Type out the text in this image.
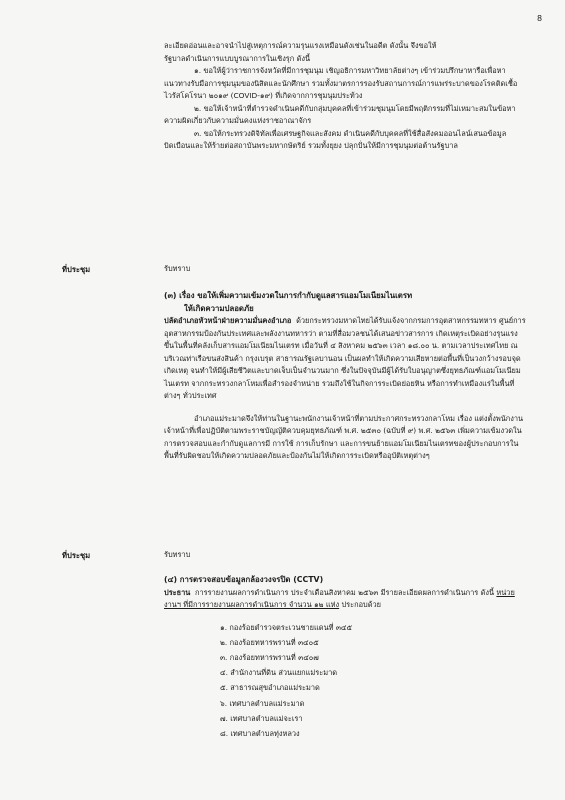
8

ละเอียดอ่อนและอาจนำไปสู่เหตุการณ์ความรุนแรงเหมือนดังเช่นในอดีต ดังนั้น จึงขอให้

รัฐบาลดำเนินการแบบบูรณาการในเชิงรุก ดังนี้

๑. ขอให้ผู้ว่าราชการจังหวัดที่มีการชุมนุม เชิญอธิการมหาวิทยาลัยต่างๆ เข้าร่วมปรึกษาหารือเพื่อหาแนวทางรับมือการชุมนุมของนิสิตและนักศึกษา รวมทั้งมาตรการรองรับสถานการณ์การแพร่ระบาดของโรคติดเชื้อไวรัสโคโรนา ๒๐๑๙ (COVID-๑๙) ที่เกิดจากการชุมนุมประท้วง

๒. ขอให้เจ้าหน้าที่ตำรวจดำเนินคดีกับกลุ่มบุคคลที่เข้าร่วมชุมนุมโดยมีพฤติกรรมที่ไม่เหมาะสมในข้อหาความผิดเกี่ยวกับความมั่นคงแห่งราชอาณาจักร

๓. ขอให้กระทรวงดิจิทัลเพื่อเศรษฐกิจและสังคม ดำเนินคดีกับบุคคลที่ใช้สื่อสังคมออนไลน์เสนอข้อมูลบิดเบือนและให้ร้ายต่อสถาบันพระมหากษัตริย์ รวมทั้งยุยง ปลุกปั่นให้มีการชุมนุมต่อต้านรัฐบาล

ที่ประชุม	รับทราบ

(๓) เรื่อง ขอให้เพิ่มความเข้มงวดในการกำกับดูแลสารแอมโมเนียมไนเตรท

ให้เกิดความปลอดภัย

ปลัดอำเภอหัวหน้าฝ่ายความมั่นคงอำเภอ ด้วยกระทรวงมหาดไทยได้รับแจ้งจากกรมการอุตสาหกรรมทหาร ศูนย์การอุตสาหกรรมป้องกันประเทศและพลังงานทหารว่า ตามที่สื่อมวลชนได้เสนอข่าวสารการ เกิดเหตุระเบิดอย่างรุนแรงขึ้นในพื้นที่คลังเก็บสารแอมโมเนียมไนเตรท เมื่อวันที่ ๔ สิงหาคม ๒๕๖๓ เวลา ๑๘.๐๐ น. ตามเวลาประเทศไทย ณ บริเวณท่าเรือขนส่งสินค้า กรุงเบรุต สาธารณรัฐเลบานอน เป็นผลทำให้เกิดความเสียหายต่อพื้นที่เป็นวงกว้างรอบจุดเกิดเหตุ จนทำให้มีผู้เสียชีวิตและบาดเจ็บเป็นจำนวนมาก ซึ่งในปัจจุบันมีผู้ได้รับใบอนุญาตซึ่งยุทธภัณฑ์แอมโมเนียมไนเตรท จากกระทรวงกลาโหมเพื่อสำรองจำหน่าย รวมถึงใช้ในกิจการระเบิดย่อยหิน หรือการทำเหมืองแร่ในพื้นที่ต่างๆ ทั่วประเทศ

อำเภอแม่ระมาดจึงให้ท่านในฐานะพนักงานเจ้าหน้าที่ตามประกาศกระทรวงกลาโหม เรื่อง แต่งตั้งพนักงานเจ้าหน้าที่เพื่อปฏิบัติตามพระราชบัญญัติควบคุมยุทธภัณฑ์ พ.ศ. ๒๕๓๐ (ฉบับที่ ๙) พ.ศ. ๒๕๖๓ เพิ่มความเข้มงวดในการตรวจสอบและกำกับดูแลการมี การใช้ การเก็บรักษา และการขนย้ายแอมโมเนียมไนเตรทของผู้ประกอบการในพื้นที่รับผิดชอบให้เกิดความปลอดภัยและป้องกันไม่ให้เกิดการระเบิดหรืออุบัติเหตุต่างๆ

ที่ประชุม	รับทราบ

(๔) การตรวจสอบข้อมูลกล้องวงจรปิด (CCTV)

ประธาน การรายงานผลการดำเนินการ ประจำเดือนสิงหาคม ๒๕๖๓ มีรายละเอียดผลการดำเนินการ ดังนี้ หน่วยงานฯ ที่มีการรายงานผลการดำเนินการ จำนวน ๑๒ แห่ง ประกอบด้วย

๑. กองร้อยตำรวจตระเวนชายแดนที่ ๓๔๕
๒. กองร้อยทหารพรานที่ ๓๔๐๕
๓. กองร้อยทหารพรานที่ ๓๔๐๗
๔. สำนักงานที่ดิน ส่วนแยกแม่ระมาด
๕. สาธารณสุขอำเภอแม่ระมาด
๖. เทศบาลตำบลแม่ระมาด
๗. เทศบาลตำบลแม่จะเรา
๘. เทศบาลตำบลทุ่งหลวง
